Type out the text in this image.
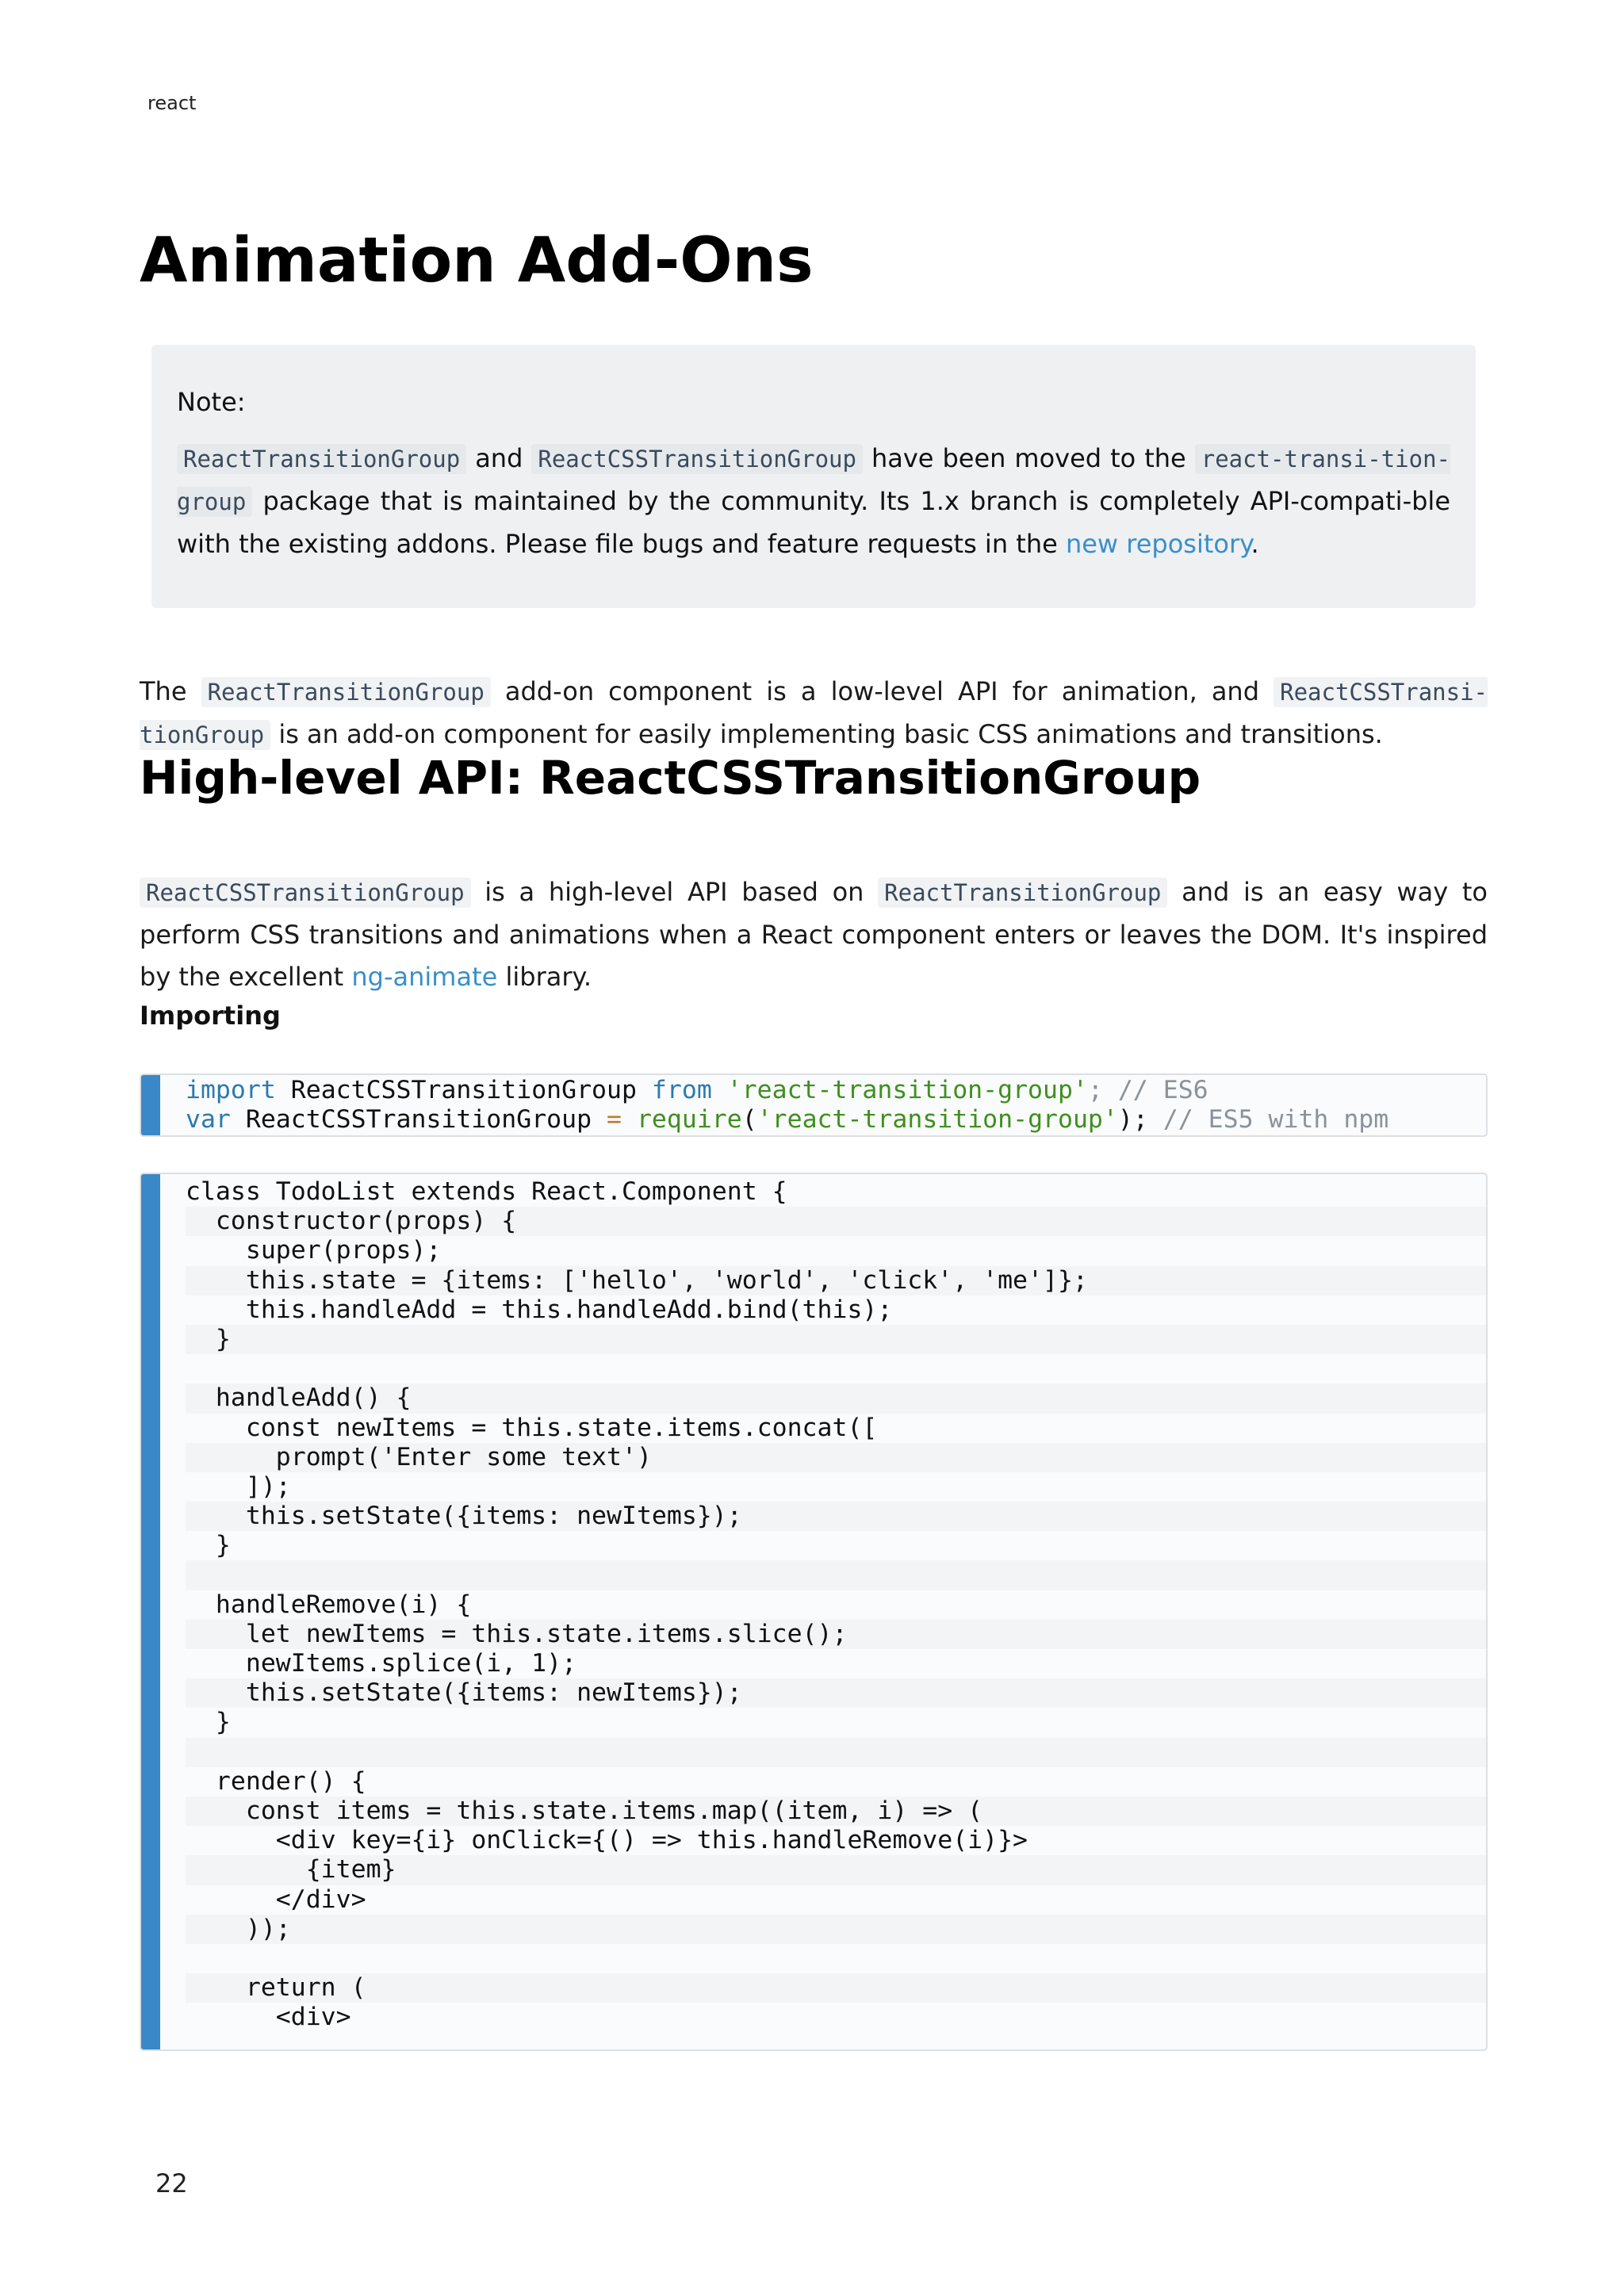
react
Animation Add-Ons
Note:

ReactTransitionGroup and ReactCSSTransitionGroup have been moved to the react-transi-tion-group package that is maintained by the community. Its 1.x branch is completely API-compati-ble with the existing addons. Please file bugs and feature requests in the new repository.

The ReactTransitionGroup add-on component is a low-level API for animation, and ReactCSSTransi-tionGroup is an add-on component for easily implementing basic CSS animations and transitions.

High-level API: ReactCSSTransitionGroup

ReactCSSTransitionGroup is a high-level API based on ReactTransitionGroup and is an easy way to perform CSS transitions and animations when a React component enters or leaves the DOM. It's inspired by the excellent ng-animate library.

Importing
import ReactCSSTransitionGroup from 'react-transition-group'; // ES6
var ReactCSSTransitionGroup = require('react-transition-group'); // ES5 with npm
class TodoList extends React.Component {
constructor(props) {
super(props);
this.state = {items: ['hello', 'world', 'click', 'me']};
this.handleAdd = this.handleAdd.bind(this);
}
handleAdd() {
const newItems = this.state.items.concat([
prompt('Enter some text')
]);
this.setState({items: newItems});
}
handleRemove(i) {
let newItems = this.state.items.slice();
newItems.splice(i, 1);
this.setState({items: newItems});
}
render() {
const items = this.state.items.map((item, i) => (
<div key={i} onClick={() => this.handleRemove(i)}>
{item}
</div>
));
return (
<div>
22
